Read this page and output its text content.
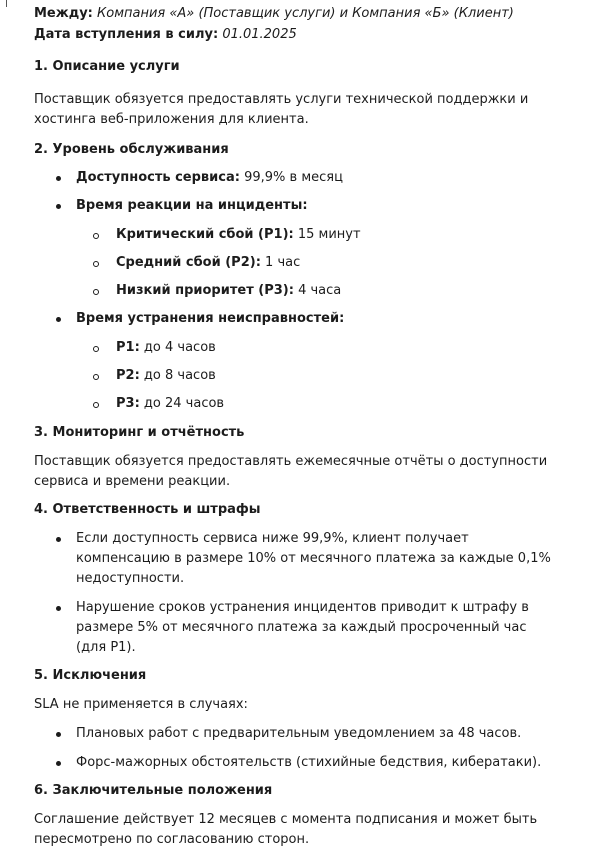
Между: Компания «А» (Поставщик услуги) и Компания «Б» (Клиент)

Дата вступления в силу: 01.01.2025

1. Описание услуги

Поставщик обязуется предоставлять услуги технической поддержки и хостинга веб-приложения для клиента.

2. Уровень обслуживания

Доступность сервиса: 99,9% в месяц
Время реакции на инциденты:
Критический сбой (P1): 15 минут
Средний сбой (P2): 1 час
Низкий приоритет (P3): 4 часа
Время устранения неисправностей:
P1: до 4 часов
P2: до 8 часов
P3: до 24 часов

3. Мониторинг и отчётность

Поставщик обязуется предоставлять ежемесячные отчёты о доступности сервиса и времени реакции.

4. Ответственность и штрафы

Если доступность сервиса ниже 99,9%, клиент получает компенсацию в размере 10% от месячного платежа за каждые 0,1% недоступности.
Нарушение сроков устранения инцидентов приводит к штрафу в размере 5% от месячного платежа за каждый просроченный час (для P1).

5. Исключения

SLA не применяется в случаях:

Плановых работ с предварительным уведомлением за 48 часов.
Форс-мажорных обстоятельств (стихийные бедствия, кибератаки).

6. Заключительные положения

Соглашение действует 12 месяцев с момента подписания и может быть пересмотрено по согласованию сторон.
